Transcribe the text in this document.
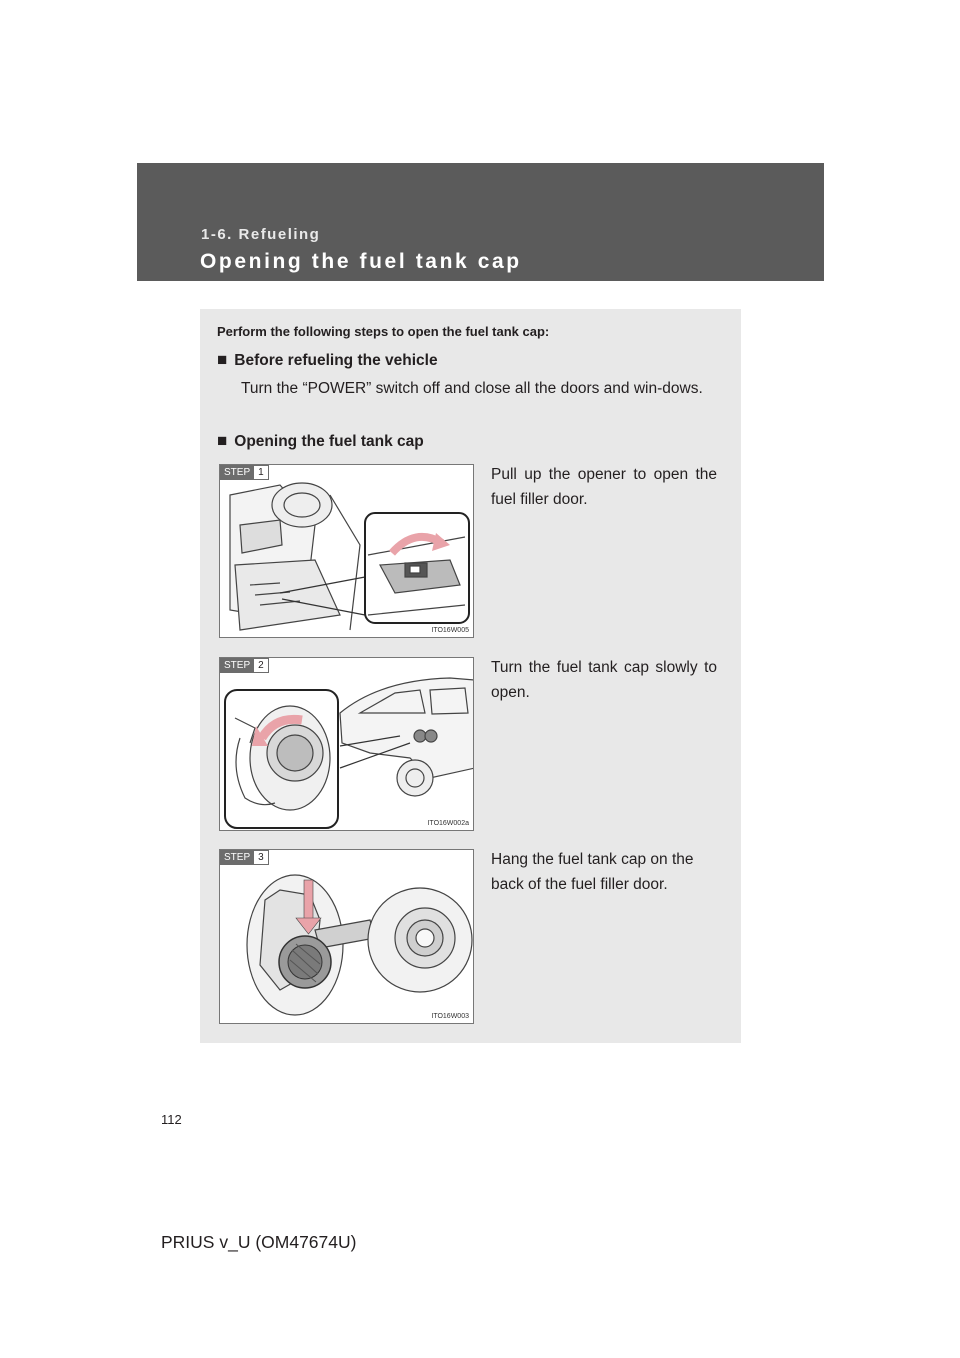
1-6. Refueling
Opening the fuel tank cap
Perform the following steps to open the fuel tank cap:
■ Before refueling the vehicle
Turn the “POWER” switch off and close all the doors and win-dows.
■ Opening the fuel tank cap
STEP 1
ITO16W005
Pull up the opener to open the fuel filler door.
STEP 2
ITO16W002a
Turn the fuel tank cap slowly to open.
STEP 3
ITO16W003
Hang the fuel tank cap on the back of the fuel filler door.
112
PRIUS v_U (OM47674U)
